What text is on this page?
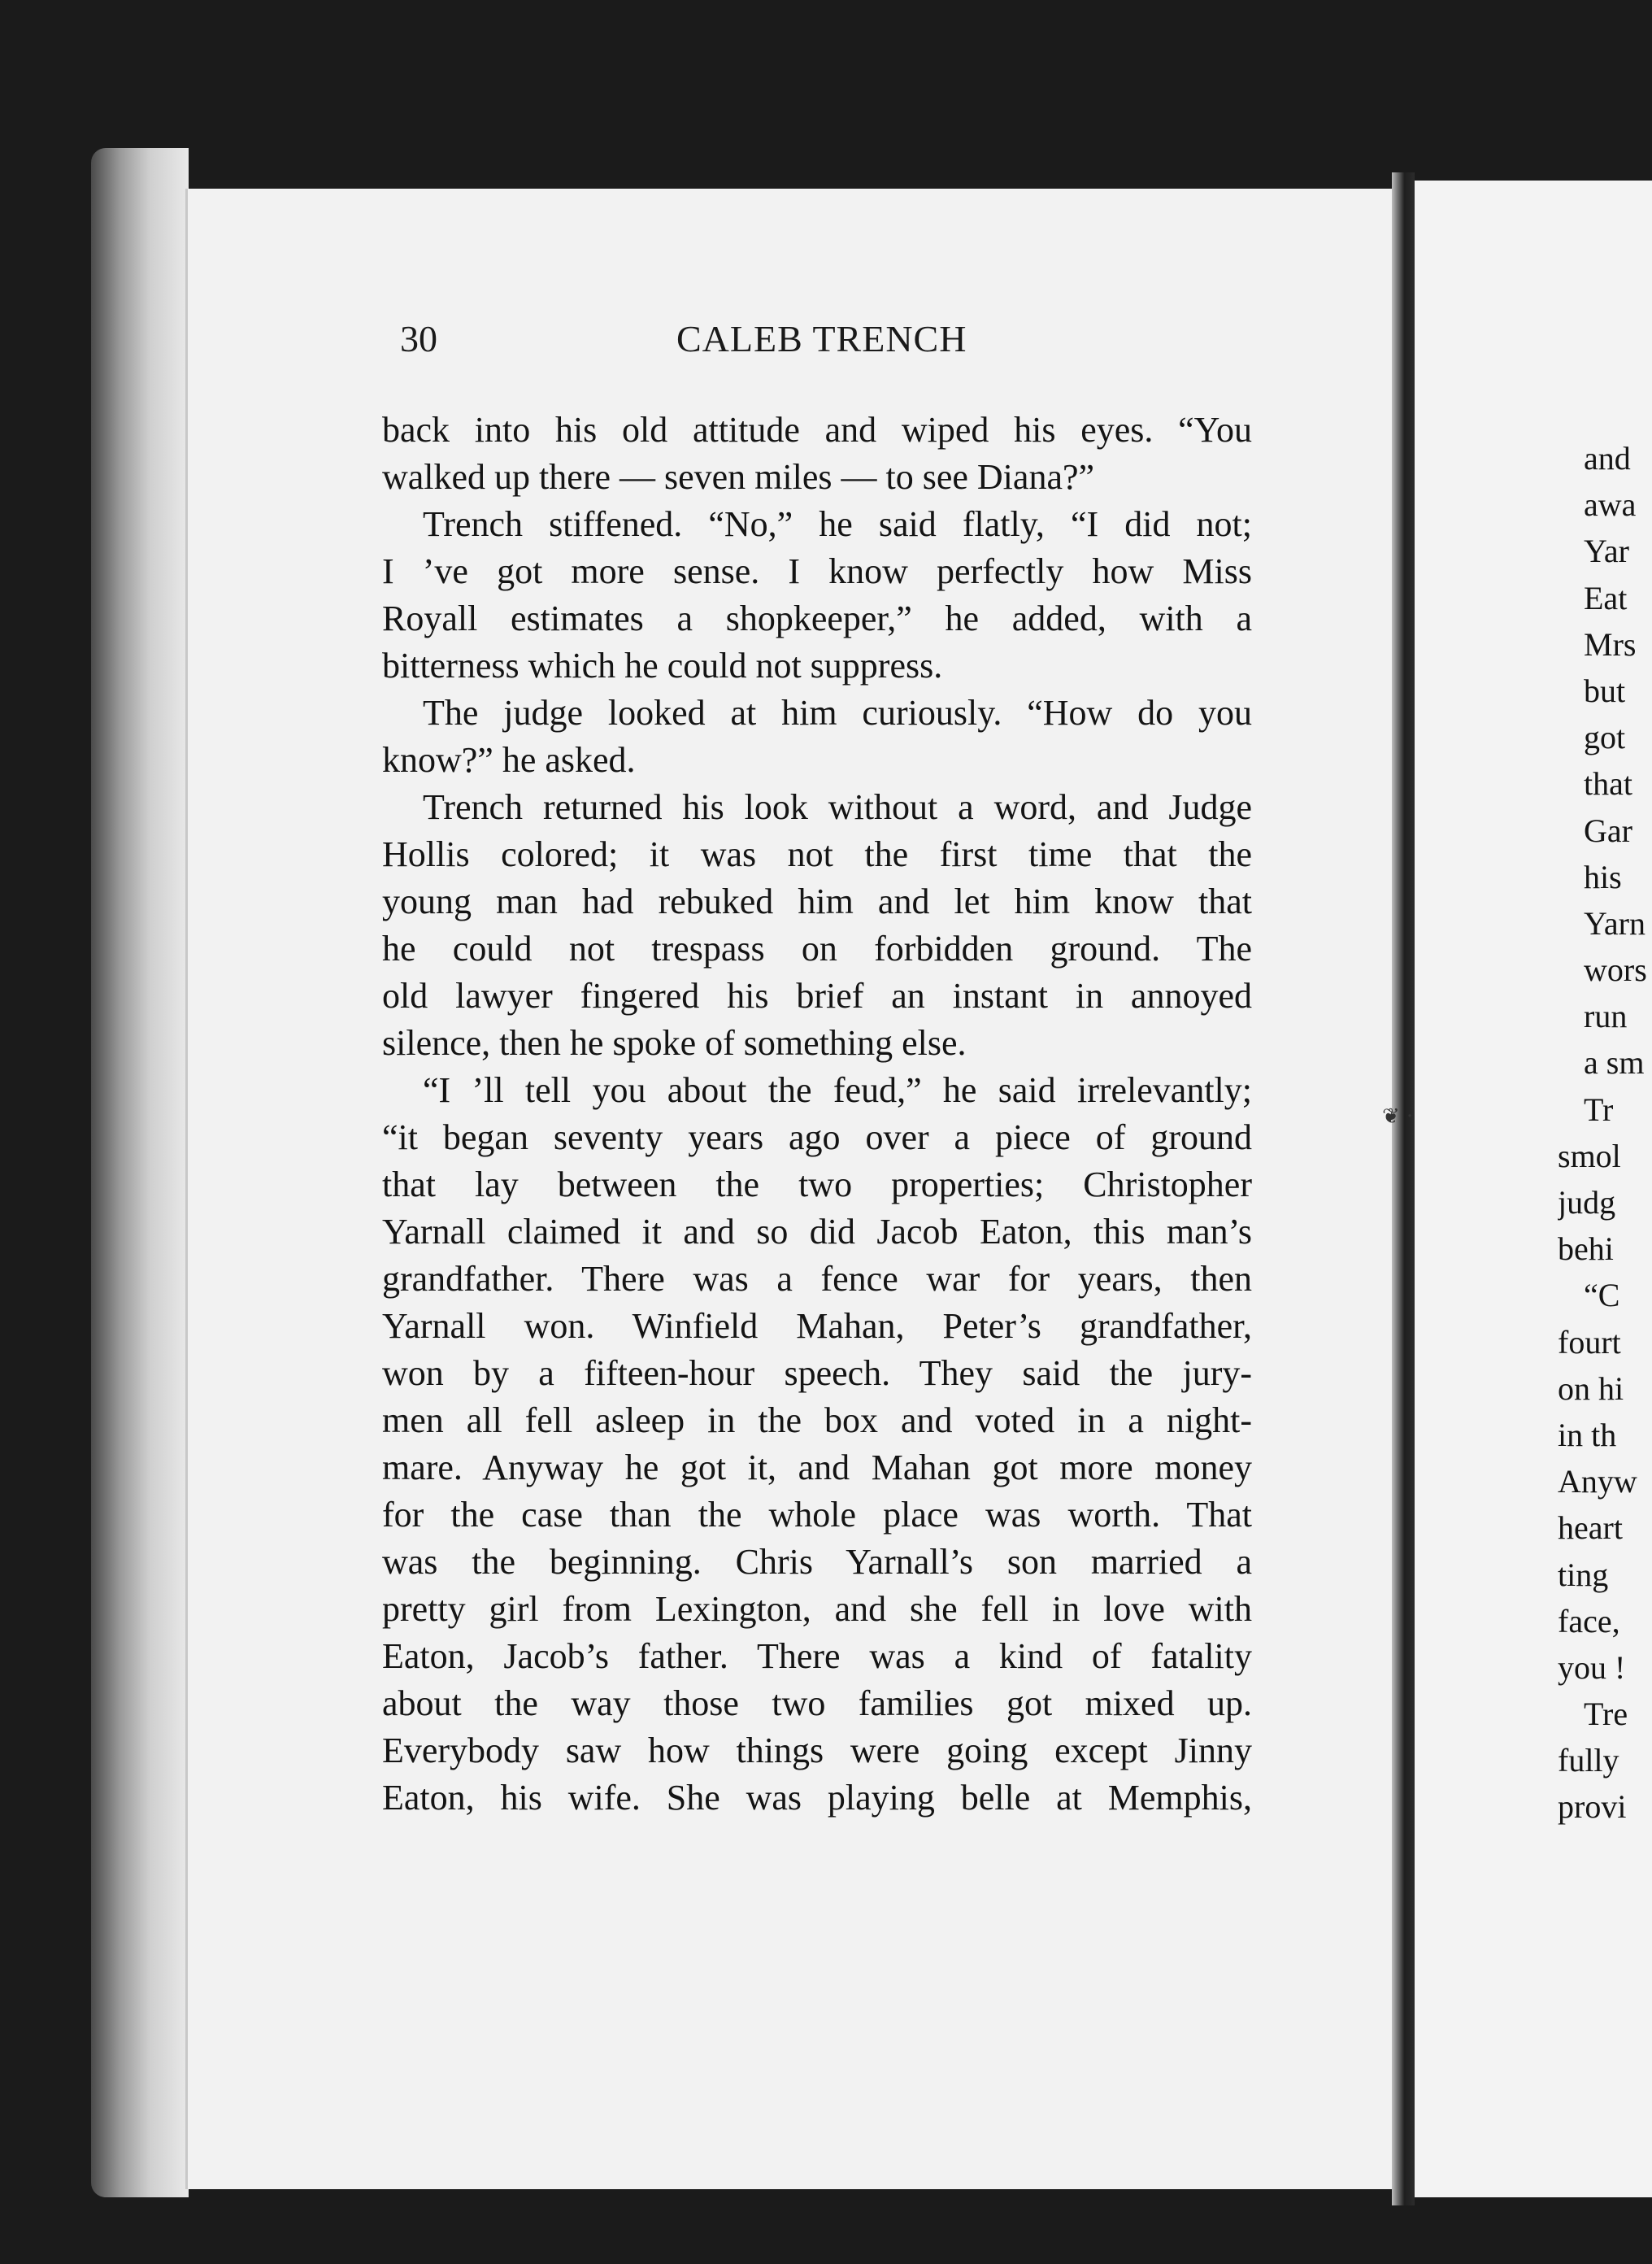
30	CALEB TRENCH
back into his old attitude and wiped his eyes. “You
walked up there — seven miles — to see Diana?”
Trench stiffened. “No,” he said flatly, “I did not;
I ’ve got more sense. I know perfectly how Miss
Royall estimates a shopkeeper,” he added, with a
bitterness which he could not suppress.
The judge looked at him curiously. “How do you
know?” he asked.
Trench returned his look without a word, and Judge
Hollis colored; it was not the first time that the
young man had rebuked him and let him know that
he could not trespass on forbidden ground. The
old lawyer fingered his brief an instant in annoyed
silence, then he spoke of something else.
“I ’ll tell you about the feud,” he said irrelevantly;
“it began seventy years ago over a piece of ground
that lay between the two properties; Christopher
Yarnall claimed it and so did Jacob Eaton, this man’s
grandfather. There was a fence war for years, then
Yarnall won. Winfield Mahan, Peter’s grandfather,
won by a fifteen-hour speech. They said the jury-
men all fell asleep in the box and voted in a night-
mare. Anyway he got it, and Mahan got more money
for the case than the whole place was worth. That
was the beginning. Chris Yarnall’s son married a
pretty girl from Lexington, and she fell in love with
Eaton, Jacob’s father. There was a kind of fatality
about the way those two families got mixed up.
Everybody saw how things were going except Jinny
Eaton, his wife. She was playing belle at Memphis,
❦ ·
and
awa
Yar
Eat
Mrs
but
got
that
Gar
his
Yarn
wors
run
a sm
Tr
smol
judg
behi
“C
fourt
on hi
in th
Anyw
heart
ting
face,
you !
Tre
fully
provi
